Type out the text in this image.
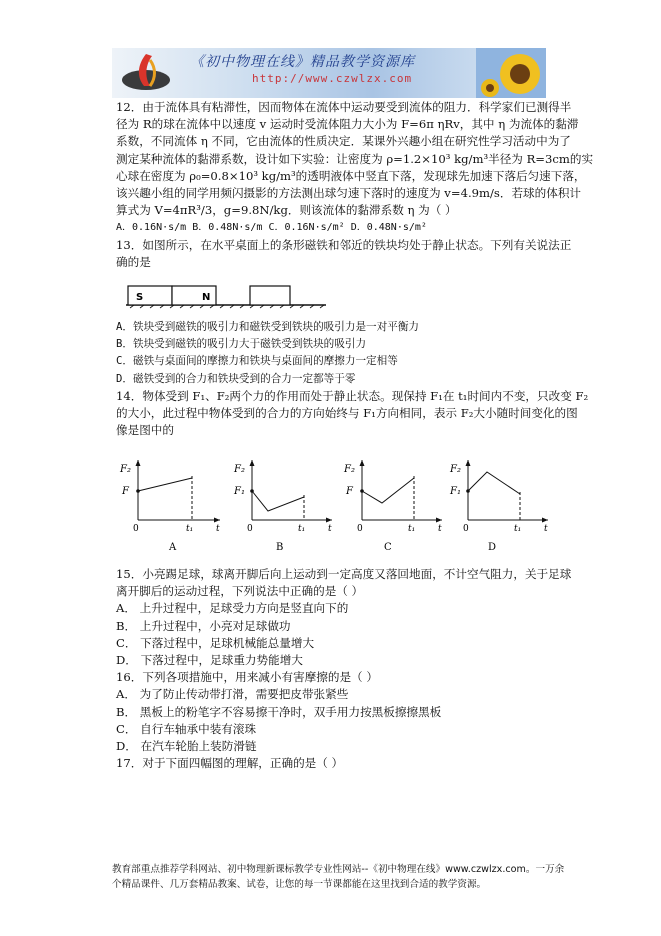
《初中物理在线》精品教学资源库
http://www.czwlzx.com

12．由于流体具有粘滞性，因而物体在流体中运动要受到流体的阻力．科学家们已测得半

径为 R的球在流体中以速度 v 运动时受流体阻力大小为 F=6π ηRv，其中 η 为流体的黏滞

系数，不同流体 η 不同，它由流体的性质决定．某课外兴趣小组在研究性学习活动中为了

测定某种流体的黏滞系数，设计如下实验：让密度为 ρ=1.2×10³ kg/m³半径为 R=3cm的实

心球在密度为 ρ₀=0.8×10³ kg/m³的透明液体中竖直下落，发现球先加速下落后匀速下落，

该兴趣小组的同学用频闪摄影的方法测出球匀速下落时的速度为 v=4.9m/s．若球的体积计

算式为 V=4πR³/3，g=9.8N/kg．则该流体的黏滞系数 η 为（ ）

A．0.16N·s/m B．0.48N·s/m C．0.16N·s/m² D．0.48N·s/m²

13．如图所示，在水平桌面上的条形磁铁和邻近的铁块均处于静止状态。下列有关说法正

确的是

A．铁块受到磁铁的吸引力和磁铁受到铁块的吸引力是一对平衡力

B．铁块受到磁铁的吸引力大于磁铁受到铁块的吸引力

C．磁铁与桌面间的摩擦力和铁块与桌面间的摩擦力一定相等

D．磁铁受到的合力和铁块受到的合力一定都等于零

14．物体受到 F₁、F₂两个力的作用而处于静止状态。现保持 F₁在 t₁时间内不变，只改变 F₂

的大小，此过程中物体受到的合力的方向始终与 F₁方向相同，表示 F₂大小随时间变化的图

像是图中的

S	N
F₂
F
0	t₁	t
A
F₂
F₁
0	t₁	t
B
F₂
F
0	t₁	t
C
F₂
F₁
0	t₁	t
D

15．小亮踢足球，球离开脚后向上运动到一定高度又落回地面，不计空气阻力，关于足球

离开脚后的运动过程，下列说法中正确的是（ ）

A． 上升过程中，足球受力方向是竖直向下的

B． 上升过程中，小亮对足球做功

C． 下落过程中，足球机械能总量增大

D． 下落过程中，足球重力势能增大

16．下列各项措施中，用来减小有害摩擦的是（ ）

A． 为了防止传动带打滑，需要把皮带张紧些

B． 黑板上的粉笔字不容易擦干净时，双手用力按黑板擦擦黑板

C． 自行车轴承中装有滚珠

D． 在汽车轮胎上装防滑链

17．对于下面四幅图的理解，正确的是（ ）

教育部重点推荐学科网站、初中物理新课标教学专业性网站--《初中物理在线》www.czwlzx.com。一万余

个精品课件、几万套精品教案、试卷，让您的每一节课都能在这里找到合适的教学资源。
